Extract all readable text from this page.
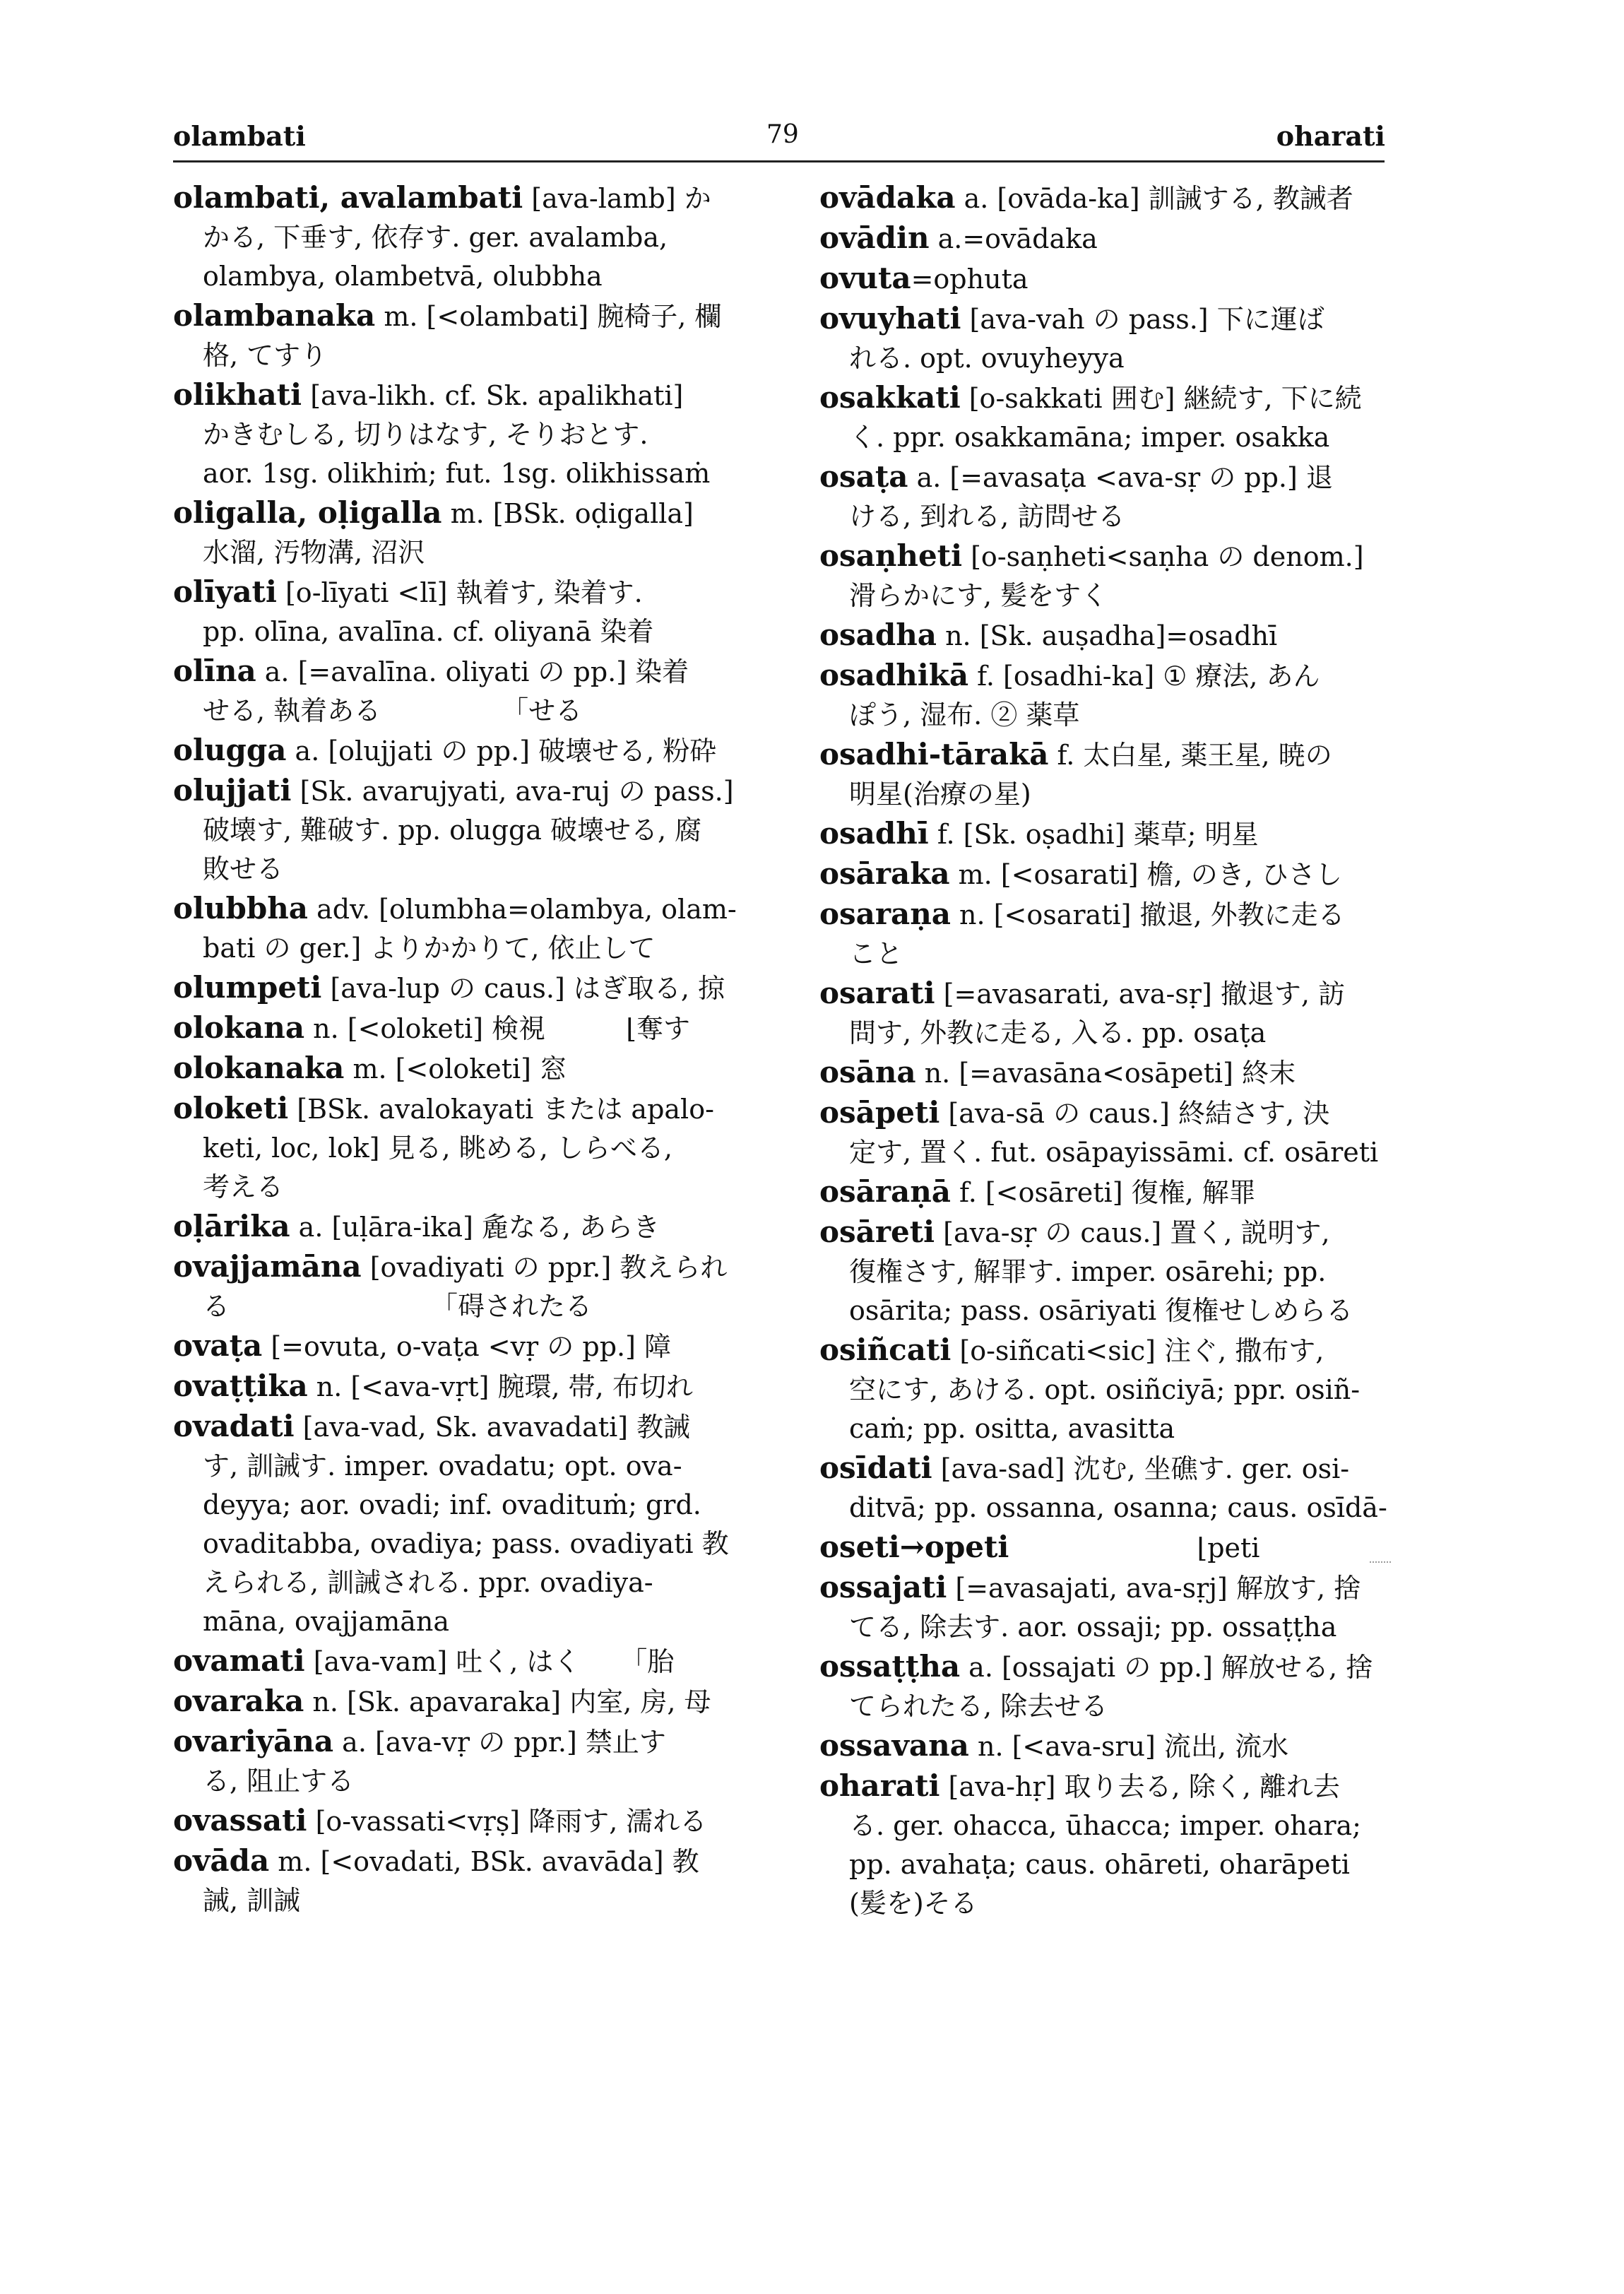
olambati	79	oharati
olambati, avalambati [ava-lamb] か
かる, 下垂す, 依存す. ger. avalamba,
olambya, olambetvā, olubbha
olambanaka m. [<olambati] 腕椅子, 欄
格, てすり
olikhati [ava-likh. cf. Sk. apalikhati]
かきむしる, 切りはなす, そりおとす.
aor. 1sg. olikhiṁ; fut. 1sg. olikhissaṁ
oligalla, oḷigalla m. [BSk. oḍigalla]
水溜, 汚物溝, 沼沢
olīyati [o-līyati <lī] 執着す, 染着す.
pp. olīna, avalīna. cf. oliyanā 染着
olīna a. [=avalīna. oliyati の pp.] 染着
せる, 執着ある　　　　　「せる
olugga a. [olujjati の pp.] 破壊せる, 粉砕
olujjati [Sk. avarujyati, ava-ruj の pass.]
破壊す, 難破す. pp. olugga 破壊せる, 腐
敗せる
olubbha adv. [olumbha=olambya, olam-
bati の ger.] よりかかりて, 依止して
olumpeti [ava-lup の caus.] はぎ取る, 掠
olokana n. [<oloketi] 検視　　　⌊奪す
olokanaka m. [<oloketi] 窓
oloketi [BSk. avalokayati または apalo-
keti, loc, lok] 見る, 眺める, しらべる,
考える
oḷārika a. [uḷāra-ika] 麁なる, あらき
ovajjamāna [ovadiyati の ppr.] 教えられ
る　　　　　　　　「碍されたる
ovaṭa [=ovuta, o-vaṭa <vṛ の pp.] 障
ovaṭṭika n. [<ava-vṛt] 腕環, 帯, 布切れ
ovadati [ava-vad, Sk. avavadati] 教誡
す, 訓誡す. imper. ovadatu; opt. ova-
deyya; aor. ovadi; inf. ovadituṁ; grd.
ovaditabba, ovadiya; pass. ovadiyati 教
えられる, 訓誡される. ppr. ovadiya-
māna, ovajjamāna
ovamati [ava-vam] 吐く, はく　　「胎
ovaraka n. [Sk. apavaraka] 内室, 房, 母
ovariyāna a. [ava-vṛ の ppr.] 禁止す
る, 阻止する
ovassati [o-vassati<vṛṣ] 降雨す, 濡れる
ovāda m. [<ovadati, BSk. avavāda] 教
誡, 訓誡
ovādaka a. [ovāda-ka] 訓誡する, 教誡者
ovādin a.=ovādaka
ovuta=ophuta
ovuyhati [ava-vah の pass.] 下に運ば
れる. opt. ovuyheyya
osakkati [o-sakkati 囲む] 継続す, 下に続
く. ppr. osakkamāna; imper. osakka
osaṭa a. [=avasaṭa <ava-sṛ の pp.] 退
ける, 到れる, 訪問せる
osaṇheti [o-saṇheti<saṇha の denom.]
滑らかにす, 髪をすく
osadha n. [Sk. auṣadha]=osadhī
osadhikā f. [osadhi-ka] ① 療法, あん
ぽう, 湿布. ② 薬草
osadhi-tārakā f. 太白星, 薬王星, 暁の
明星(治療の星)
osadhī f. [Sk. oṣadhi] 薬草; 明星
osāraka m. [<osarati] 檐, のき, ひさし
osaraṇa n. [<osarati] 撤退, 外教に走る
こと
osarati [=avasarati, ava-sṛ] 撤退す, 訪
問す, 外教に走る, 入る. pp. osaṭa
osāna n. [=avasāna<osāpeti] 終末
osāpeti [ava-sā の caus.] 終結さす, 決
定す, 置く. fut. osāpayissāmi. cf. osāreti
osāraṇā f. [<osāreti] 復権, 解罪
osāreti [ava-sṛ の caus.] 置く, 説明す,
復権さす, 解罪す. imper. osārehi; pp.
osārita; pass. osāriyati 復権せしめらる
osiñcati [o-siñcati<sic] 注ぐ, 撒布す,
空にす, あける. opt. osiñciyā; ppr. osiñ-
caṁ; pp. ositta, avasitta
osīdati [ava-sad] 沈む, 坐礁す. ger. osi-
ditvā; pp. ossanna, osanna; caus. osīdā-
oseti→opeti　　　　　　　⌊peti
ossajati [=avasajati, ava-sṛj] 解放す, 捨
てる, 除去す. aor. ossaji; pp. ossaṭṭha
ossaṭṭha a. [ossajati の pp.] 解放せる, 捨
てられたる, 除去せる
ossavana n. [<ava-sru] 流出, 流水
oharati [ava-hṛ] 取り去る, 除く, 離れ去
る. ger. ohacca, ūhacca; imper. ohara;
pp. avahaṭa; caus. ohāreti, oharāpeti
(髪を)そる
